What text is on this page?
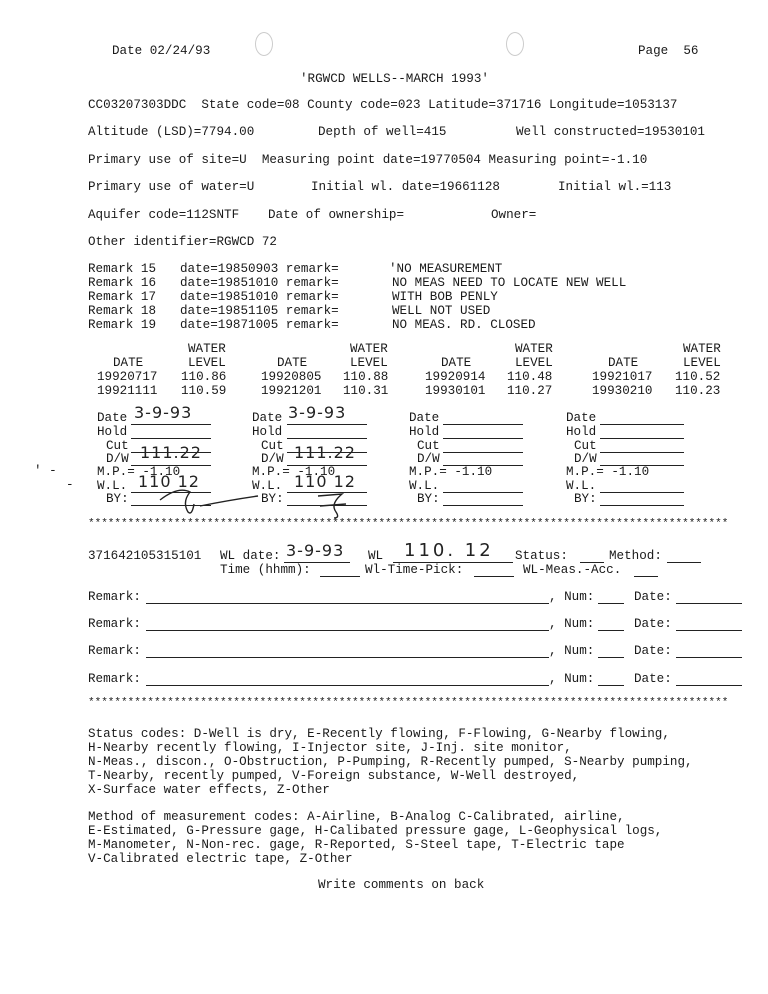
Date 02/24/93	Page  56
'RGWCD WELLS--MARCH 1993'
CC03207303DDC  State code=08 County code=023 Latitude=371716 Longitude=1053137
Altitude (LSD)=7794.00	Depth of well=415	Well constructed=19530101
Primary use of site=U  Measuring point date=19770504 Measuring point=-1.10
Primary use of water=U	Initial wl. date=19661128	Initial wl.=113
Aquifer code=112SNTF Date of ownership=	Owner=
Other identifier=RGWCD 72
Remark 15 date=19850903 remark=	'NO MEASUREMENT
Remark 16 date=19851010 remark=	NO MEAS NEED TO LOCATE NEW WELL
Remark 17 date=19851010 remark=	WITH BOB PENLY
Remark 18 date=19851105 remark=	WELL NOT USED
Remark 19 date=19871005 remark=	NO MEAS. RD. CLOSED
WATER
DATE	LEVEL
19920717 110.86
19921111 110.59
WATER
DATE	LEVEL
19920805 110.88
19921201 110.31
WATER
DATE	LEVEL
19920914 110.48
19930101 110.27
WATER
DATE	LEVEL
19921017 110.52
19930210 110.23
Date 3-9-93
Hold
Cut
D/W 111.22
M.P.= -1.10
W.L. 110 12
BY:
Date 3-9-93
Hold
Cut
D/W 111.22
M.P.= -1.10
W.L. 110 12
BY:
Date
Hold
Cut
D/W
M.P.= -1.10
W.L.
BY:
Date
Hold
Cut
D/W
M.P.= -1.10
W.L.
BY:
' -
-
*************************************************************************************************
371642105315101 WL date: 3-9-93 WL 110. 12 Status:	Method:
Time (hhmm):	Wl-Time-Pick:	WL-Meas.-Acc.
Remark:	, Num:	Date:
Remark:	, Num:	Date:
Remark:	, Num:	Date:
Remark:	, Num:	Date:
*************************************************************************************************
Status codes: D-Well is dry, E-Recently flowing, F-Flowing, G-Nearby flowing,
H-Nearby recently flowing, I-Injector site, J-Inj. site monitor,
N-Meas., discon., O-Obstruction, P-Pumping, R-Recently pumped, S-Nearby pumping,
T-Nearby, recently pumped, V-Foreign substance, W-Well destroyed,
X-Surface water effects, Z-Other
Method of measurement codes: A-Airline, B-Analog C-Calibrated, airline,
E-Estimated, G-Pressure gage, H-Calibated pressure gage, L-Geophysical logs,
M-Manometer, N-Non-rec. gage, R-Reported, S-Steel tape, T-Electric tape
V-Calibrated electric tape, Z-Other
Write comments on back
